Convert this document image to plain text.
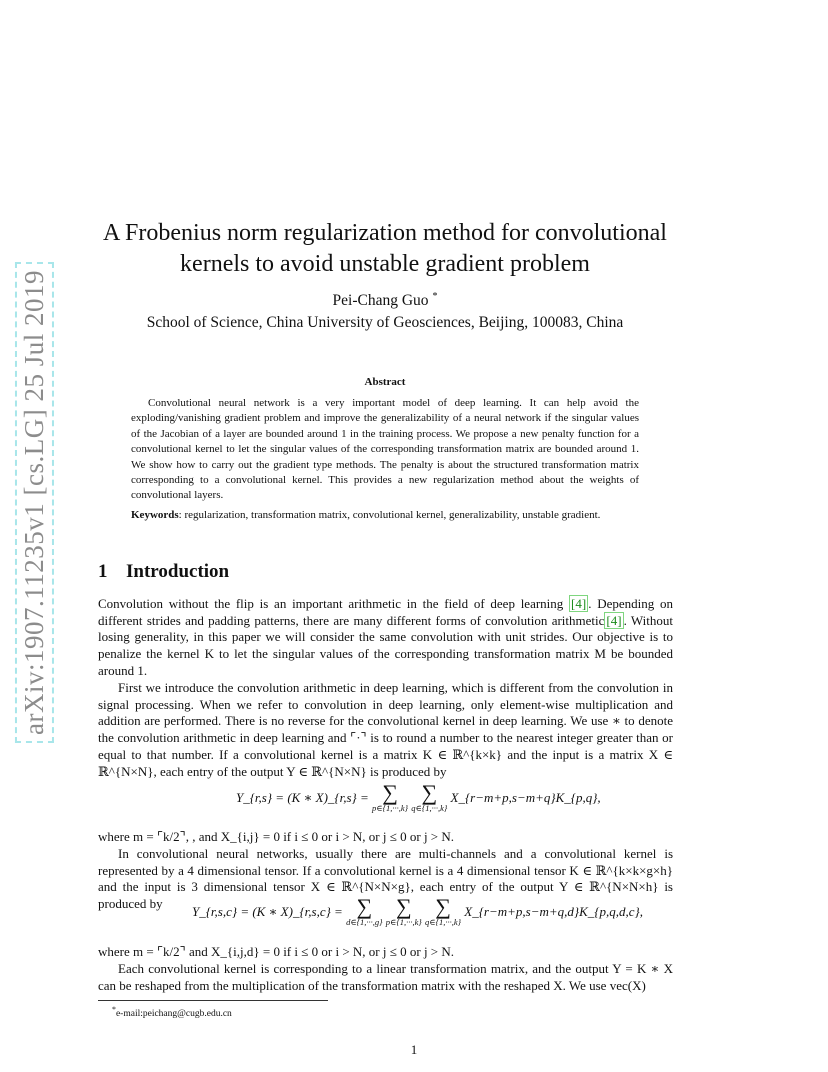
arXiv:1907.11235v1 [cs.LG] 25 Jul 2019
A Frobenius norm regularization method for convolutional kernels to avoid unstable gradient problem
Pei-Chang Guo *
School of Science, China University of Geosciences, Beijing, 100083, China
Abstract

Convolutional neural network is a very important model of deep learning. It can help avoid the exploding/vanishing gradient problem and improve the generalizability of a neural network if the singular values of the Jacobian of a layer are bounded around 1 in the training process. We propose a new penalty function for a convolutional kernel to let the singular values of the corresponding transformation matrix are bounded around 1. We show how to carry out the gradient type methods. The penalty is about the structured transformation matrix corresponding to a convolutional kernel. This provides a new regularization method about the weights of convolutional layers.

Keywords: regularization, transformation matrix, convolutional kernel, generalizability, unstable gradient.

1 Introduction

Convolution without the flip is an important arithmetic in the field of deep learning [4] . Depending on different strides and padding patterns, there are many different forms of convolution arithmetic [4] . Without losing generality, in this paper we will consider the same convolution with unit strides. Our objective is to penalize the kernel K to let the singular values of the corresponding transformation matrix M be bounded around 1.

First we introduce the convolution arithmetic in deep learning, which is different from the convolution in signal processing. When we refer to convolution in deep learning, only element-wise multiplication and addition are performed. There is no reverse for the convolutional kernel in deep learning. We use ∗ to denote the convolution arithmetic in deep learning and ⌜·⌝ is to round a number to the nearest integer greater than or equal to that number. If a convolutional kernel is a matrix K ∈ ℝ^{k×k} and the input is a matrix X ∈ ℝ^{N×N}, each entry of the output Y ∈ ℝ^{N×N} is produced by

Y_{r,s} = (K ∗ X)_{r,s} = ∑
p∈{1,···,k}

∑
q∈{1,···,k}
X_{r−m+p,s−m+q}K_{p,q},

where m = ⌜k/2⌝, , and X_{i,j} = 0 if i ≤ 0 or i > N, or j ≤ 0 or j > N.

In convolutional neural networks, usually there are multi-channels and a convolutional kernel is represented by a 4 dimensional tensor. If a convolutional kernel is a 4 dimensional tensor K ∈ ℝ^{k×k×g×h} and the input is 3 dimensional tensor X ∈ ℝ^{N×N×g}, each entry of the output Y ∈ ℝ^{N×N×h} is produced by

Y_{r,s,c} = (K ∗ X)_{r,s,c} = ∑
d∈{1,···,g}

∑
p∈{1,···,k}

∑
q∈{1,···,k}
X_{r−m+p,s−m+q,d}K_{p,q,d,c},

where m = ⌜k/2⌝ and X_{i,j,d} = 0 if i ≤ 0 or i > N, or j ≤ 0 or j > N.

Each convolutional kernel is corresponding to a linear transformation matrix, and the output Y = K ∗ X can be reshaped from the multiplication of the transformation matrix with the reshaped X. We use vec(X)

*e-mail:peichang@cugb.edu.cn
1
